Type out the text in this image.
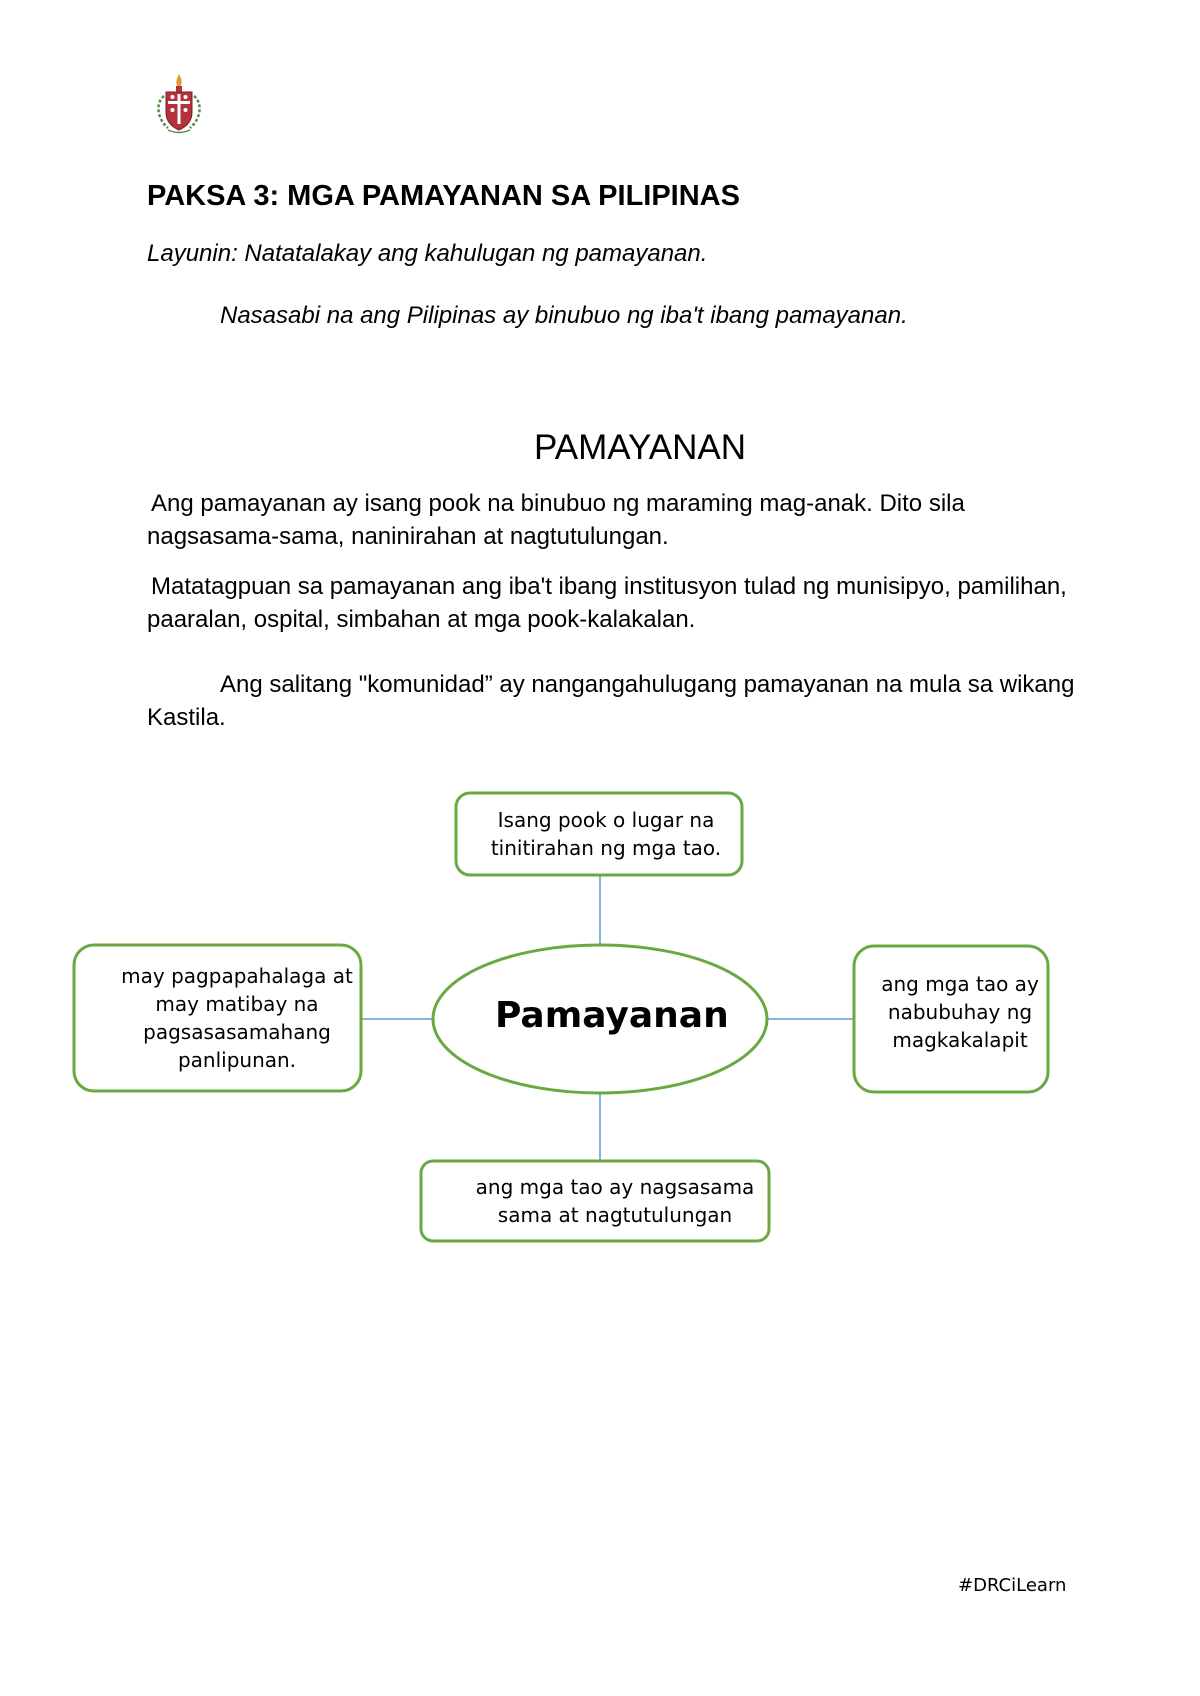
PAKSA 3: MGA PAMAYANAN SA PILIPINAS
Layunin: Natatalakay ang kahulugan ng pamayanan.
Nasasabi na ang Pilipinas ay binubuo ng iba't ibang pamayanan.
PAMAYANAN
Ang pamayanan ay isang pook na binubuo ng maraming mag-anak. Dito sila nagsasama-sama, naninirahan at nagtutulungan.
Matatagpuan sa pamayanan ang iba't ibang institusyon tulad ng munisipyo, pamilihan, paaralan, ospital, simbahan at mga pook-kalakalan.
Ang salitang "komunidad” ay nangangahulugang pamayanan na mula sa wikang Kastila.
Pamayanan
Isang pook o lugar na
tinitirahan ng mga tao.
may pagpapahalaga at
may matibay na
pagsasasamahang
panlipunan.
ang mga tao ay
nabubuhay ng
magkakalapit
ang mga tao ay nagsasama
sama at nagtutulungan
#DRCiLearn
